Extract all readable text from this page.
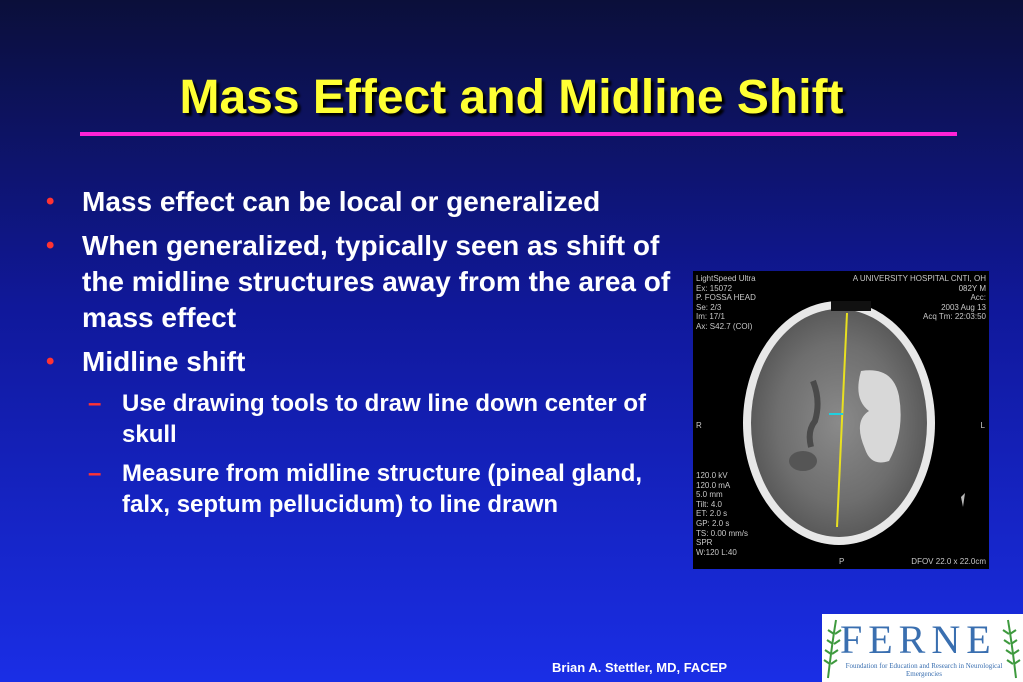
Mass Effect and Midline Shift
• Mass effect can be local or generalized
• When generalized, typically seen as shift of the midline structures away from the area of mass effect
• Midline shift
– Use drawing tools to draw line down center of skull
– Measure from midline structure (pineal gland, falx, septum pellucidum) to line drawn
LightSpeed Ultra
Ex: 15072
P. FOSSA HEAD
Se: 2/3
Im: 17/1
Ax: S42.7 (COI)
A UNIVERSITY HOSPITAL CNTI, OH
082Y M
Acc:
2003 Aug 13
Acq Tm: 22:03:50
R	L
120.0 kV
120.0 mA
5.0 mm
Tilt: 4.0
ET: 2.0 s
GP: 2.0 s
TS: 0.00 mm/s
SPR
W:120 L:40
P	DFOV 22.0 x 22.0cm
FERNE
Foundation for Education and Research in Neurological Emergencies
Brian A. Stettler, MD, FACEP
